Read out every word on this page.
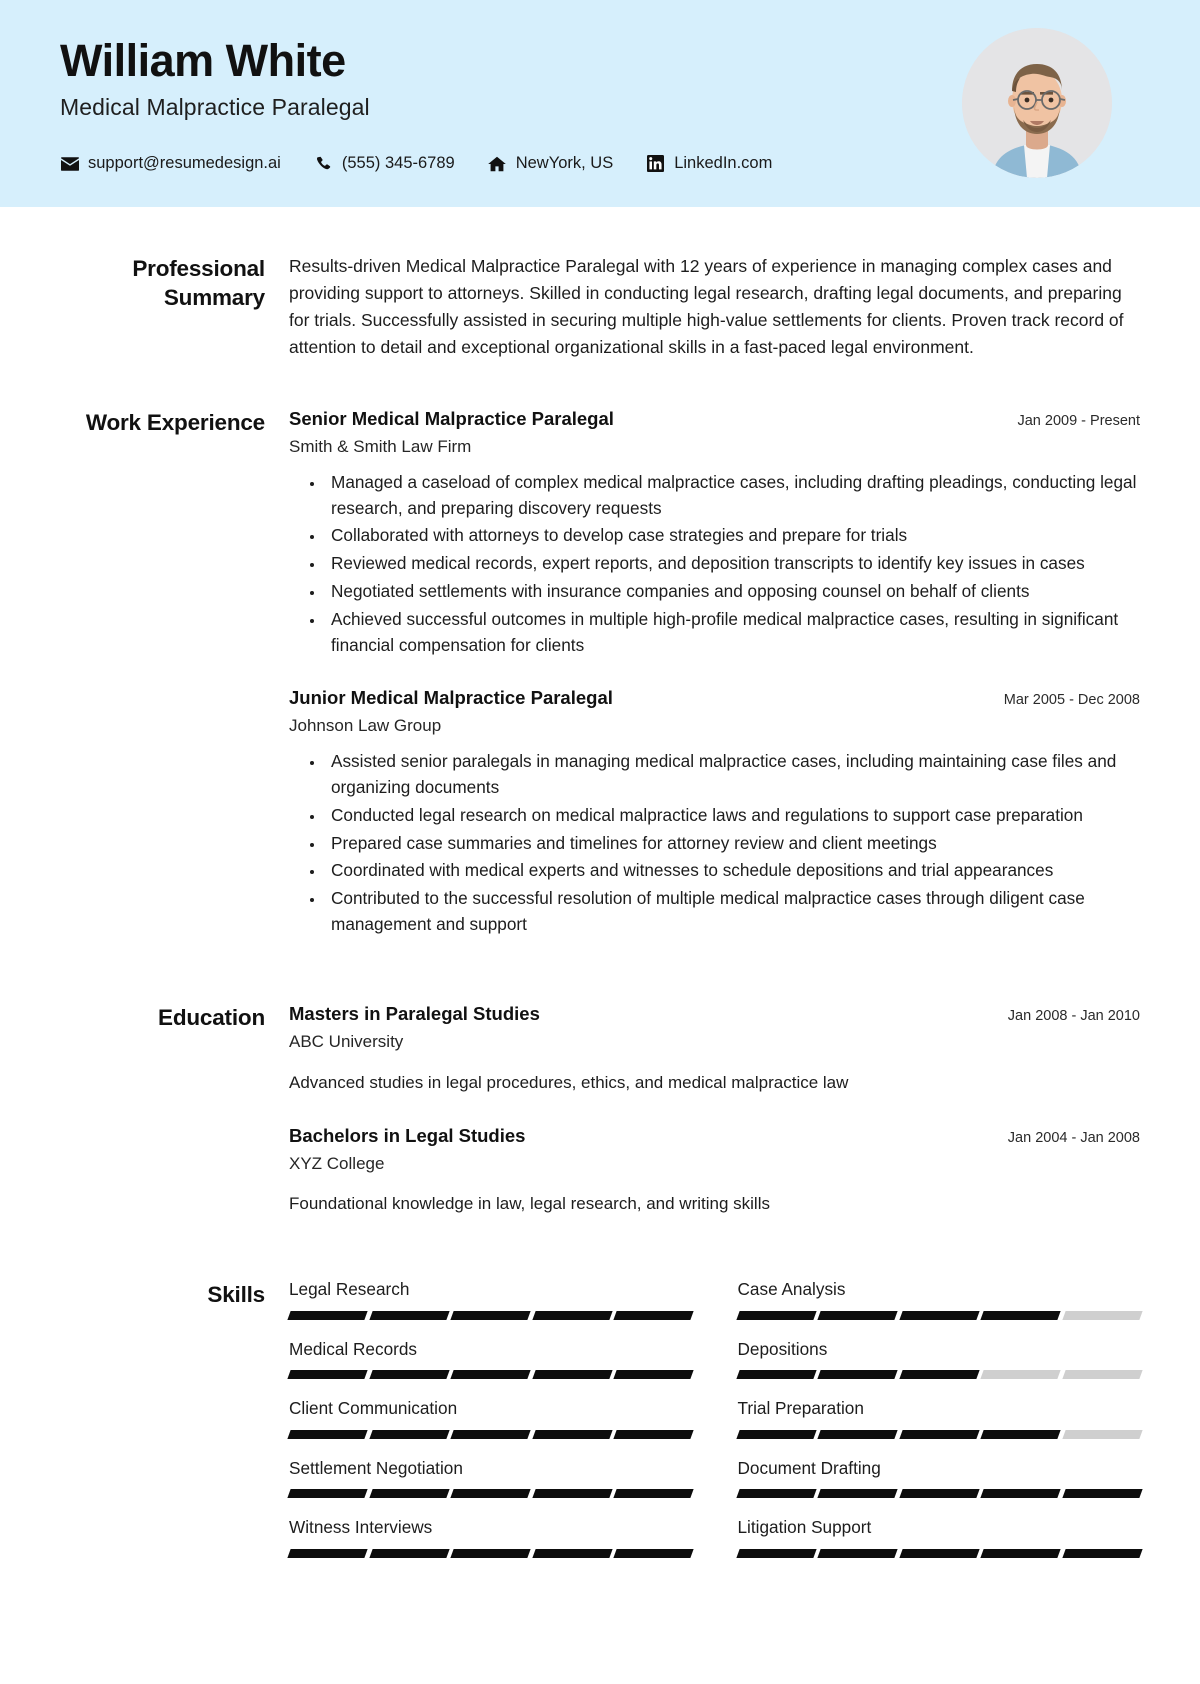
William White
Medical Malpractice Paralegal
support@resumedesign.ai	(555) 345-6789	NewYork, US	LinkedIn.com
Professional Summary
Results-driven Medical Malpractice Paralegal with 12 years of experience in managing complex cases and providing support to attorneys. Skilled in conducting legal research, drafting legal documents, and preparing for trials. Successfully assisted in securing multiple high-value settlements for clients. Proven track record of attention to detail and exceptional organizational skills in a fast-paced legal environment.
Work Experience Senior Medical Malpractice Paralegal	Jan 2009 - Present
Smith & Smith Law Firm
• Managed a caseload of complex medical malpractice cases, including drafting pleadings, conducting legal research, and preparing discovery requests
• Collaborated with attorneys to develop case strategies and prepare for trials
• Reviewed medical records, expert reports, and deposition transcripts to identify key issues in cases
• Negotiated settlements with insurance companies and opposing counsel on behalf of clients
• Achieved successful outcomes in multiple high-profile medical malpractice cases, resulting in significant financial compensation for clients
Junior Medical Malpractice Paralegal	Mar 2005 - Dec 2008
Johnson Law Group
• Assisted senior paralegals in managing medical malpractice cases, including maintaining case files and organizing documents
• Conducted legal research on medical malpractice laws and regulations to support case preparation
• Prepared case summaries and timelines for attorney review and client meetings
• Coordinated with medical experts and witnesses to schedule depositions and trial appearances
• Contributed to the successful resolution of multiple medical malpractice cases through diligent case management and support
Education Masters in Paralegal Studies	Jan 2008 - Jan 2010
ABC University
Advanced studies in legal procedures, ethics, and medical malpractice law
Bachelors in Legal Studies	Jan 2004 - Jan 2008
XYZ College
Foundational knowledge in law, legal research, and writing skills
Skills Legal Research	Case Analysis
Medical Records	Depositions
Client Communication	Trial Preparation
Settlement Negotiation	Document Drafting
Witness Interviews	Litigation Support
